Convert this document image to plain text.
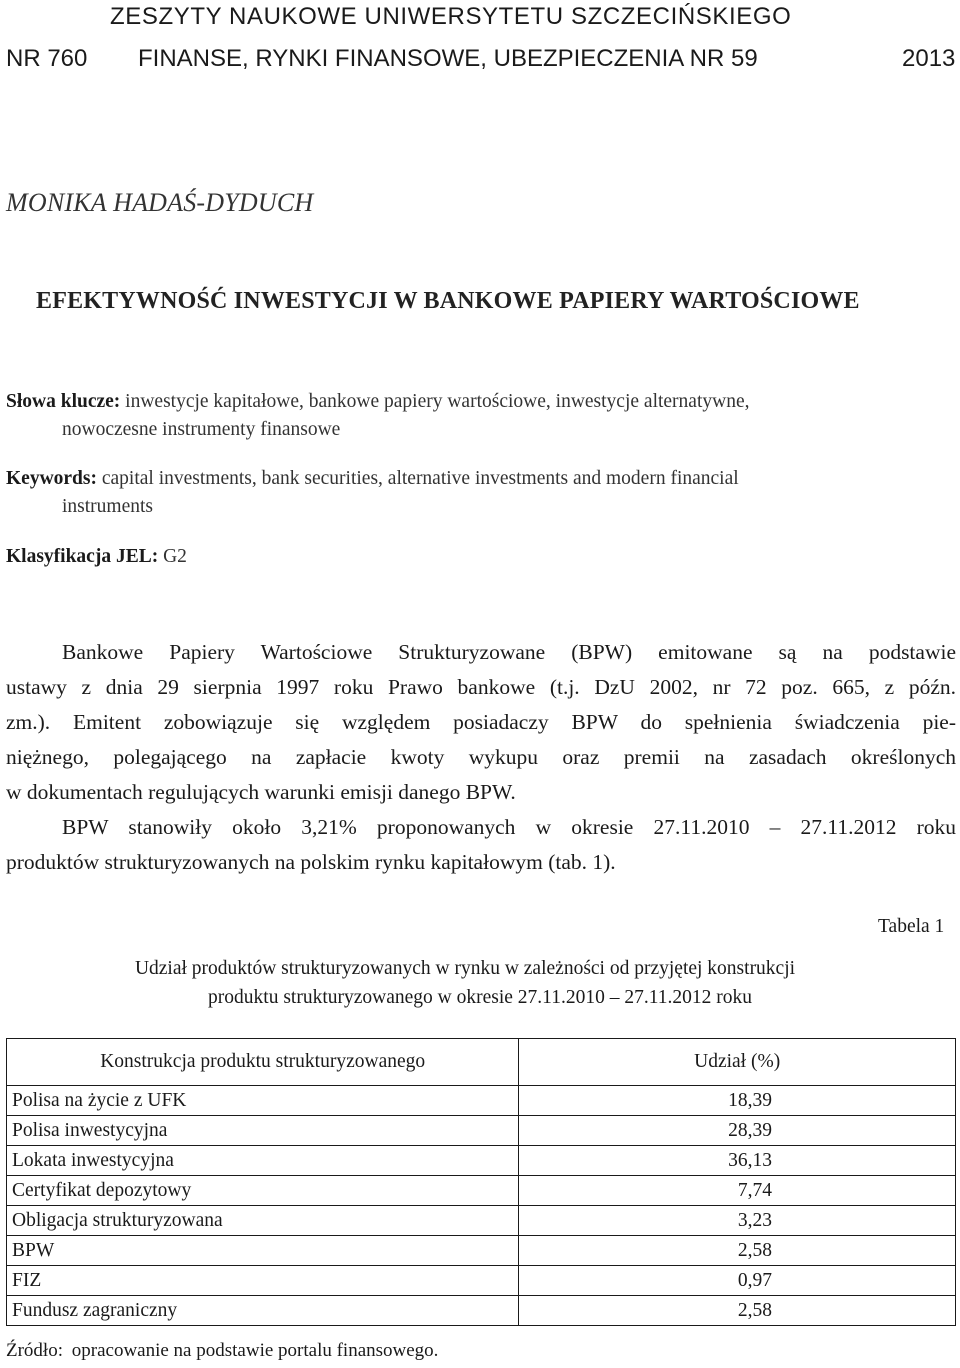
ZESZYTY NAUKOWE UNIWERSYTETU SZCZECIŃSKIEGO
NR 760 FINANSE, RYNKI FINANSOWE, UBEZPIECZENIA NR 59	2013
MONIKA HADAŚ-DYDUCH
EFEKTYWNOŚĆ INWESTYCJI W BANKOWE PAPIERY WARTOŚCIOWE
Słowa klucze: inwestycje kapitałowe, bankowe papiery wartościowe, inwestycje alternatywne,
nowoczesne instrumenty finansowe
Keywords: capital investments, bank securities, alternative investments and modern financial
instruments
Klasyfikacja JEL: G2
Bankowe Papiery Wartościowe Strukturyzowane (BPW) emitowane są na podstawie
ustawy z dnia 29 sierpnia 1997 roku Prawo bankowe (t.j. DzU 2002, nr 72 poz. 665, z późn.
zm.). Emitent zobowiązuje się względem posiadaczy BPW do spełnienia świadczenia pie-
niężnego, polegającego na zapłacie kwoty wykupu oraz premii na zasadach określonych
w dokumentach regulujących warunki emisji danego BPW.
BPW stanowiły około 3,21% proponowanych w okresie 27.11.2010 – 27.11.2012 roku
produktów strukturyzowanych na polskim rynku kapitałowym (tab. 1).
Tabela 1
Udział produktów strukturyzowanych w rynku w zależności od przyjętej konstrukcji
produktu strukturyzowanego w okresie 27.11.2010 – 27.11.2012 roku
Konstrukcja produktu strukturyzowanego	Udział (%)
Polisa na życie z UFK	18,39
Polisa inwestycyjna	28,39
Lokata inwestycyjna	36,13
Certyfikat depozytowy	7,74
Obligacja strukturyzowana	3,23
BPW	2,58
FIZ	0,97
Fundusz zagraniczny	2,58
Źródło: opracowanie na podstawie portalu finansowego.
